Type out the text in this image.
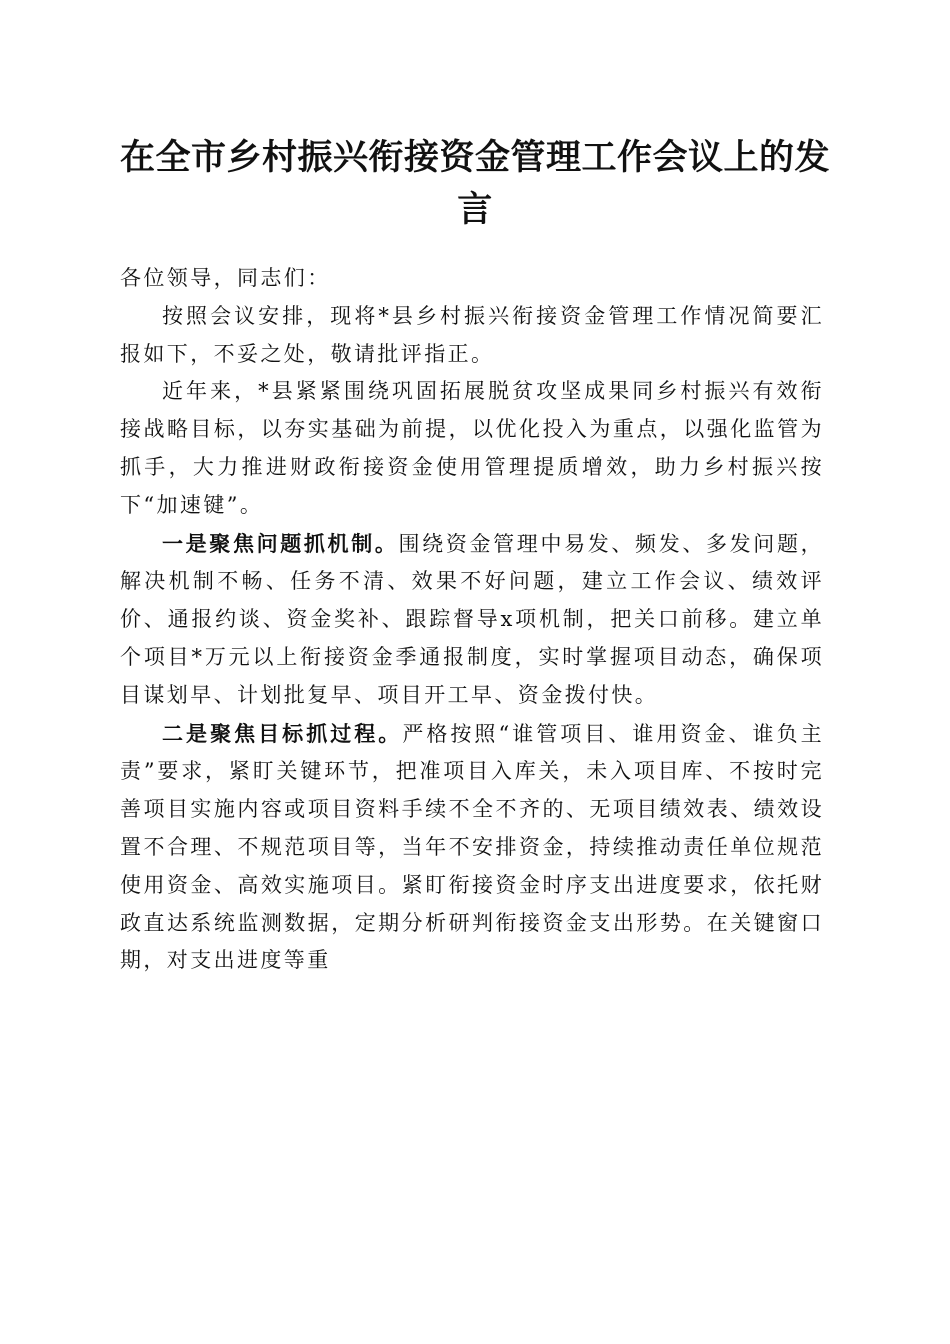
在全市乡村振兴衔接资金管理工作会议上的发言

各位领导，同志们：

按照会议安排，现将*县乡村振兴衔接资金管理工作情况简要汇报如下，不妥之处，敬请批评指正。

近年来，*县紧紧围绕巩固拓展脱贫攻坚成果同乡村振兴有效衔接战略目标，以夯实基础为前提，以优化投入为重点，以强化监管为抓手，大力推进财政衔接资金使用管理提质增效，助力乡村振兴按下“加速键”。

一是聚焦问题抓机制。围绕资金管理中易发、频发、多发问题，解决机制不畅、任务不清、效果不好问题，建立工作会议、绩效评价、通报约谈、资金奖补、跟踪督导x项机制，把关口前移。建立单个项目*万元以上衔接资金季通报制度，实时掌握项目动态，确保项目谋划早、计划批复早、项目开工早、资金拨付快。

二是聚焦目标抓过程。严格按照“谁管项目、谁用资金、谁负主责”要求，紧盯关键环节，把准项目入库关，未入项目库、不按时完善项目实施内容或项目资料手续不全不齐的、无项目绩效表、绩效设置不合理、不规范项目等，当年不安排资金，持续推动责任单位规范使用资金、高效实施项目。紧盯衔接资金时序支出进度要求，依托财政直达系统监测数据，定期分析研判衔接资金支出形势。在关键窗口期，对支出进度等重
